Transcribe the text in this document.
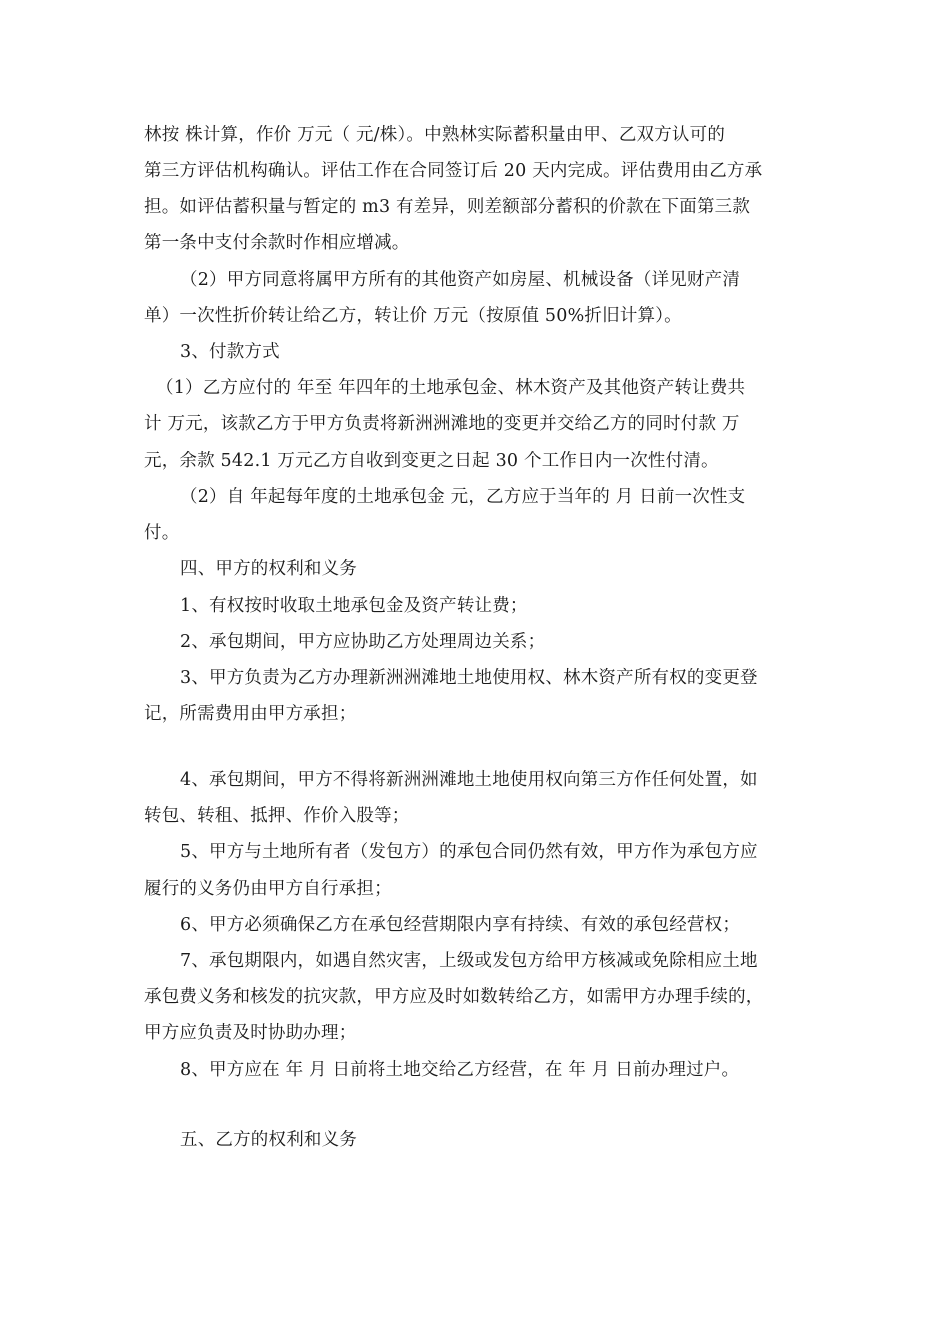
林按 株计算，作价 万元（ 元/株）。中熟林实际蓄积量由甲、乙双方认可的
第三方评估机构确认。评估工作在合同签订后 20 天内完成。评估费用由乙方承
担。如评估蓄积量与暂定的 m3 有差异，则差额部分蓄积的价款在下面第三款
第一条中支付余款时作相应增减。
（2）甲方同意将属甲方所有的其他资产如房屋、机械设备（详见财产清
单）一次性折价转让给乙方，转让价 万元（按原值 50%折旧计算）。
3、付款方式
（1）乙方应付的 年至 年四年的土地承包金、林木资产及其他资产转让费共
计 万元，该款乙方于甲方负责将新洲洲滩地的变更并交给乙方的同时付款 万
元，余款 542.1 万元乙方自收到变更之日起 30 个工作日内一次性付清。
（2）自 年起每年度的土地承包金 元，乙方应于当年的 月 日前一次性支
付。
四、甲方的权利和义务
1、有权按时收取土地承包金及资产转让费；
2、承包期间，甲方应协助乙方处理周边关系；
3、甲方负责为乙方办理新洲洲滩地土地使用权、林木资产所有权的变更登
记，所需费用由甲方承担；
4、承包期间，甲方不得将新洲洲滩地土地使用权向第三方作任何处置，如
转包、转租、抵押、作价入股等；
5、甲方与土地所有者（发包方）的承包合同仍然有效，甲方作为承包方应
履行的义务仍由甲方自行承担；
6、甲方必须确保乙方在承包经营期限内享有持续、有效的承包经营权；
7、承包期限内，如遇自然灾害，上级或发包方给甲方核减或免除相应土地
承包费义务和核发的抗灾款，甲方应及时如数转给乙方，如需甲方办理手续的，
甲方应负责及时协助办理；
8、甲方应在 年 月 日前将土地交给乙方经营，在 年 月 日前办理过户。
五、乙方的权利和义务
